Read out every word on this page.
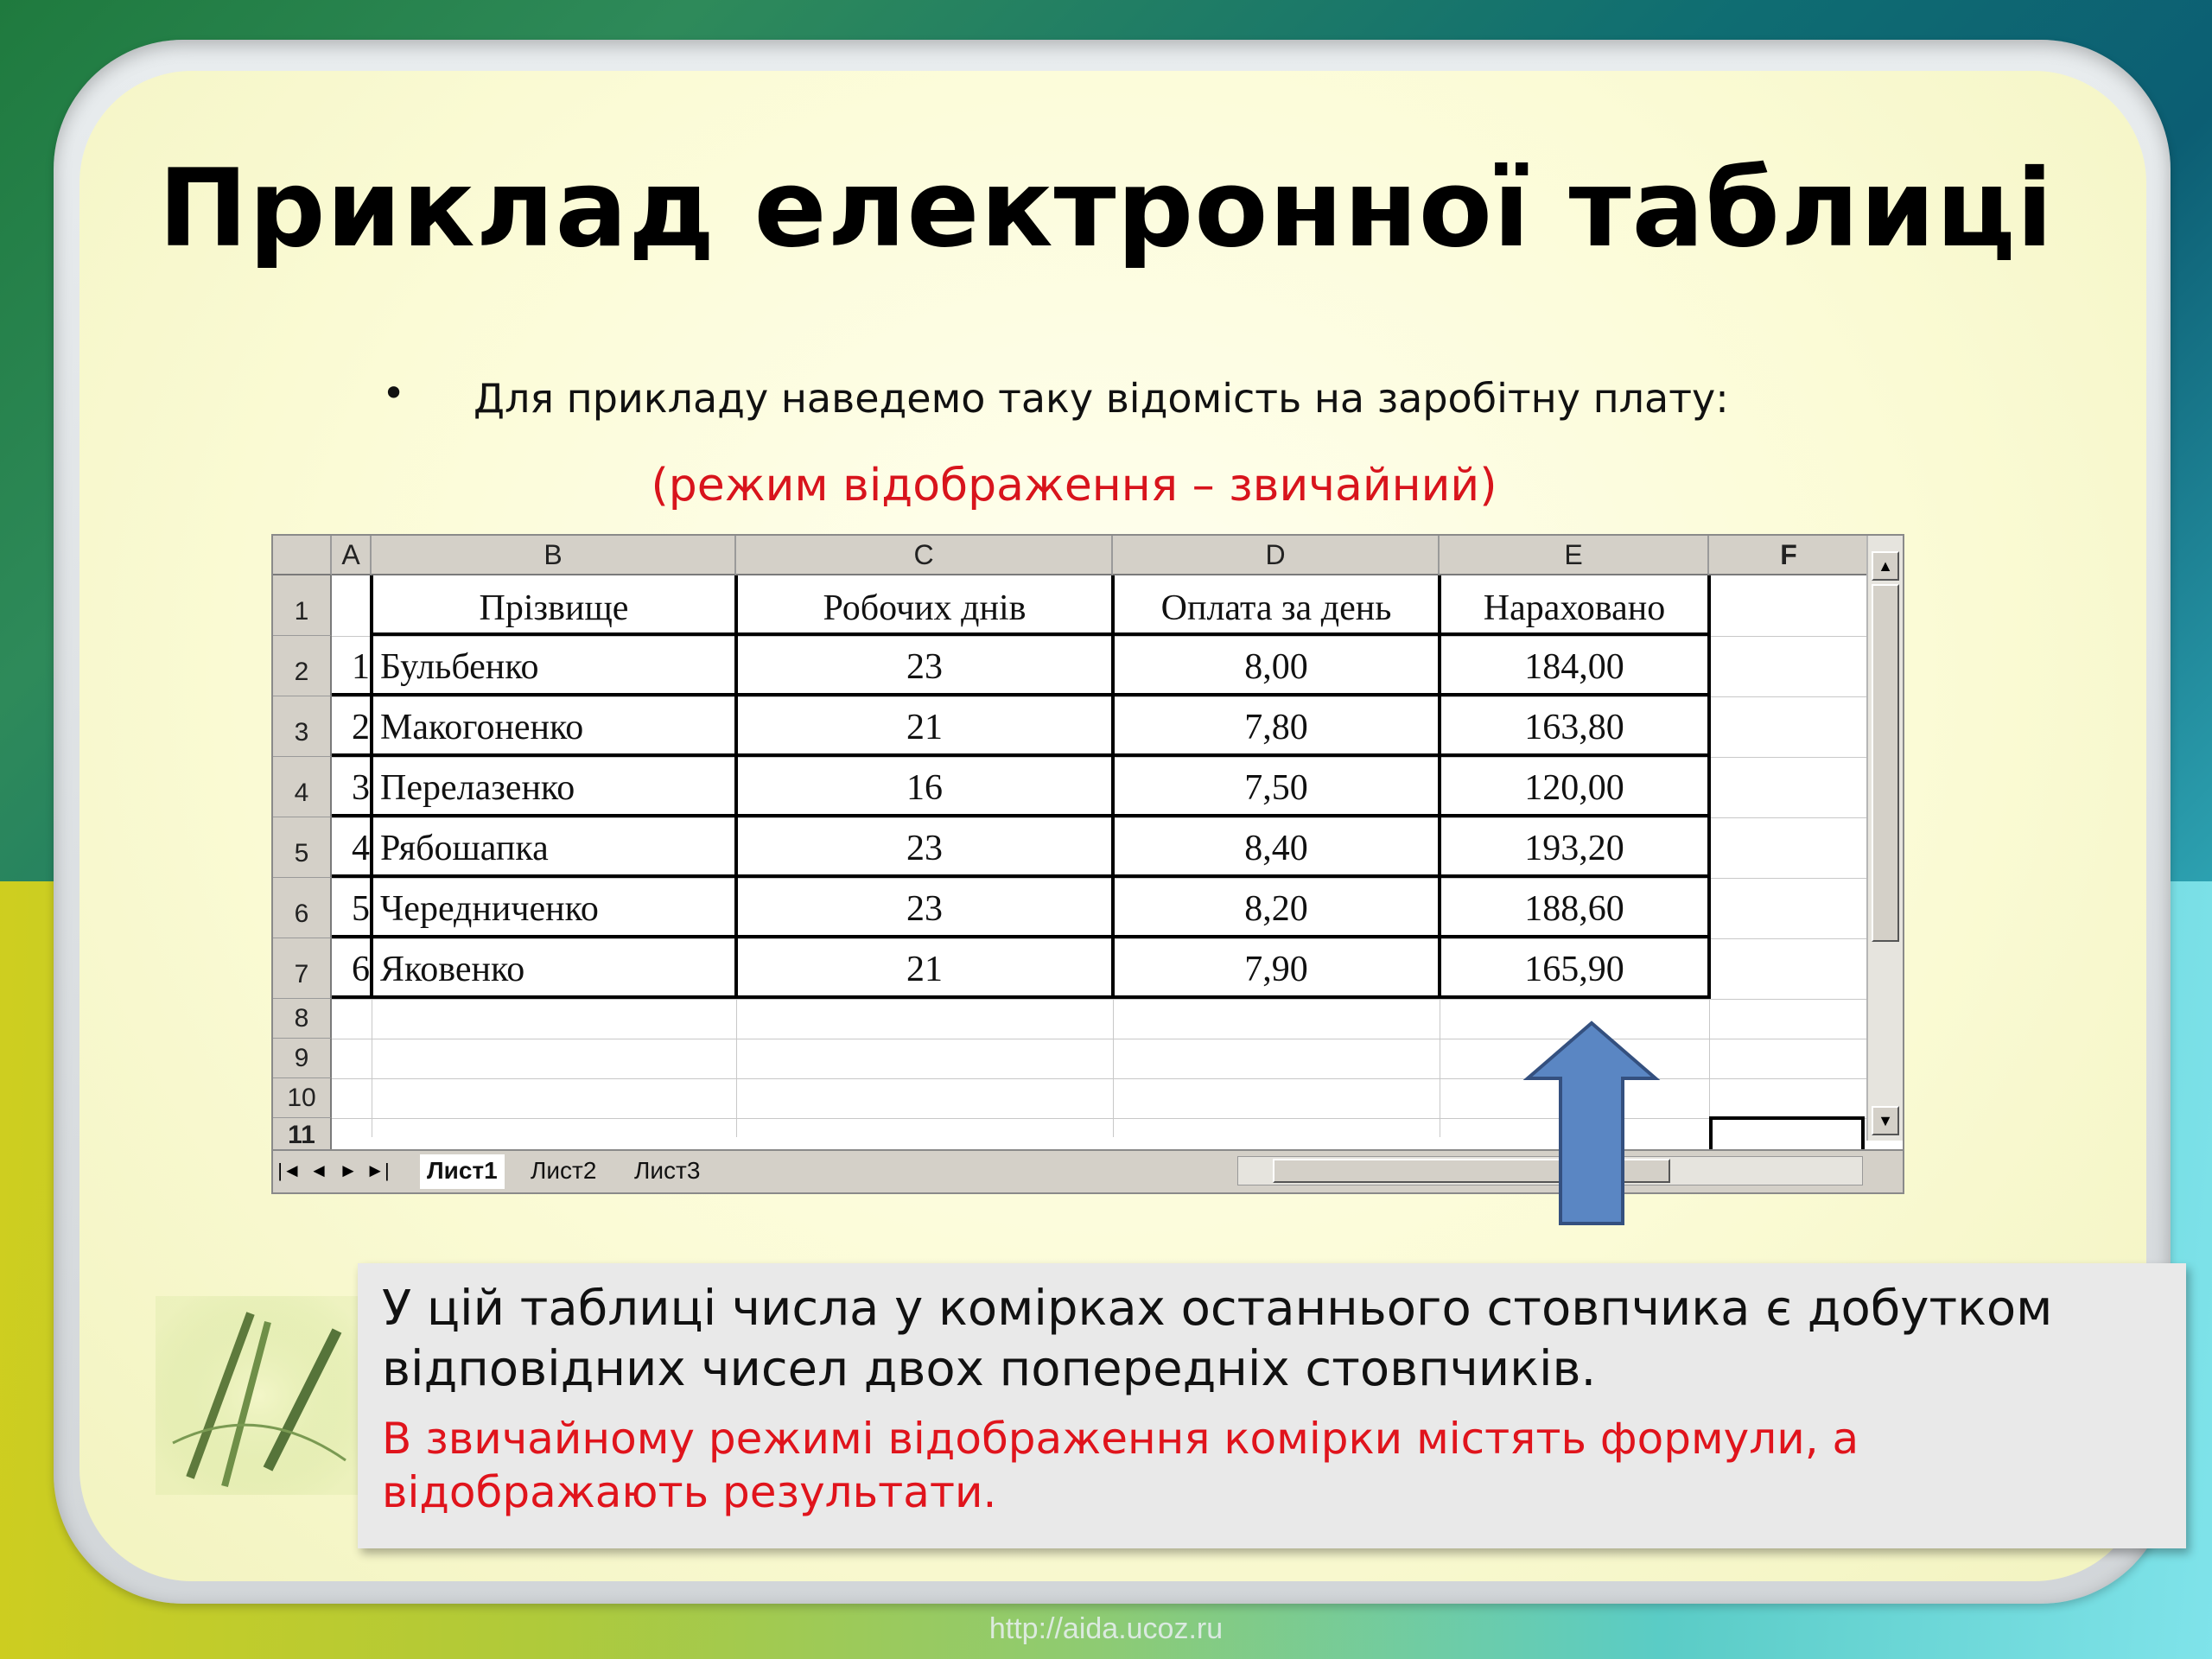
Приклад електронної таблиці
• Для прикладу наведемо таку відомість на заробітну плату:
(режим відображення – звичайний)
A	B	C	D	E	F
1
2
3
4
5
6
7
8
9
10
11
Прізвище	Робочих днів	Оплата за день	Нараховано
1 Бульбенко	23	8,00	184,00
2 Макогоненко	21	7,80	163,80
3 Перелазенко	16	7,50	120,00
4 Рябошапка	23	8,40	193,20
5 Чередниченко	23	8,20	188,60
6 Яковенко	21	7,90	165,90
▲
▼
|◄ ◄ ► ►| Лист1 Лист2 Лист3
У цій таблиці числа у комірках останнього стовпчика є добутком відповідних чисел двох попередніх стовпчиків.
В звичайному режимі відображення комірки містять формули, а відображають результати.
http://aida.ucoz.ru
